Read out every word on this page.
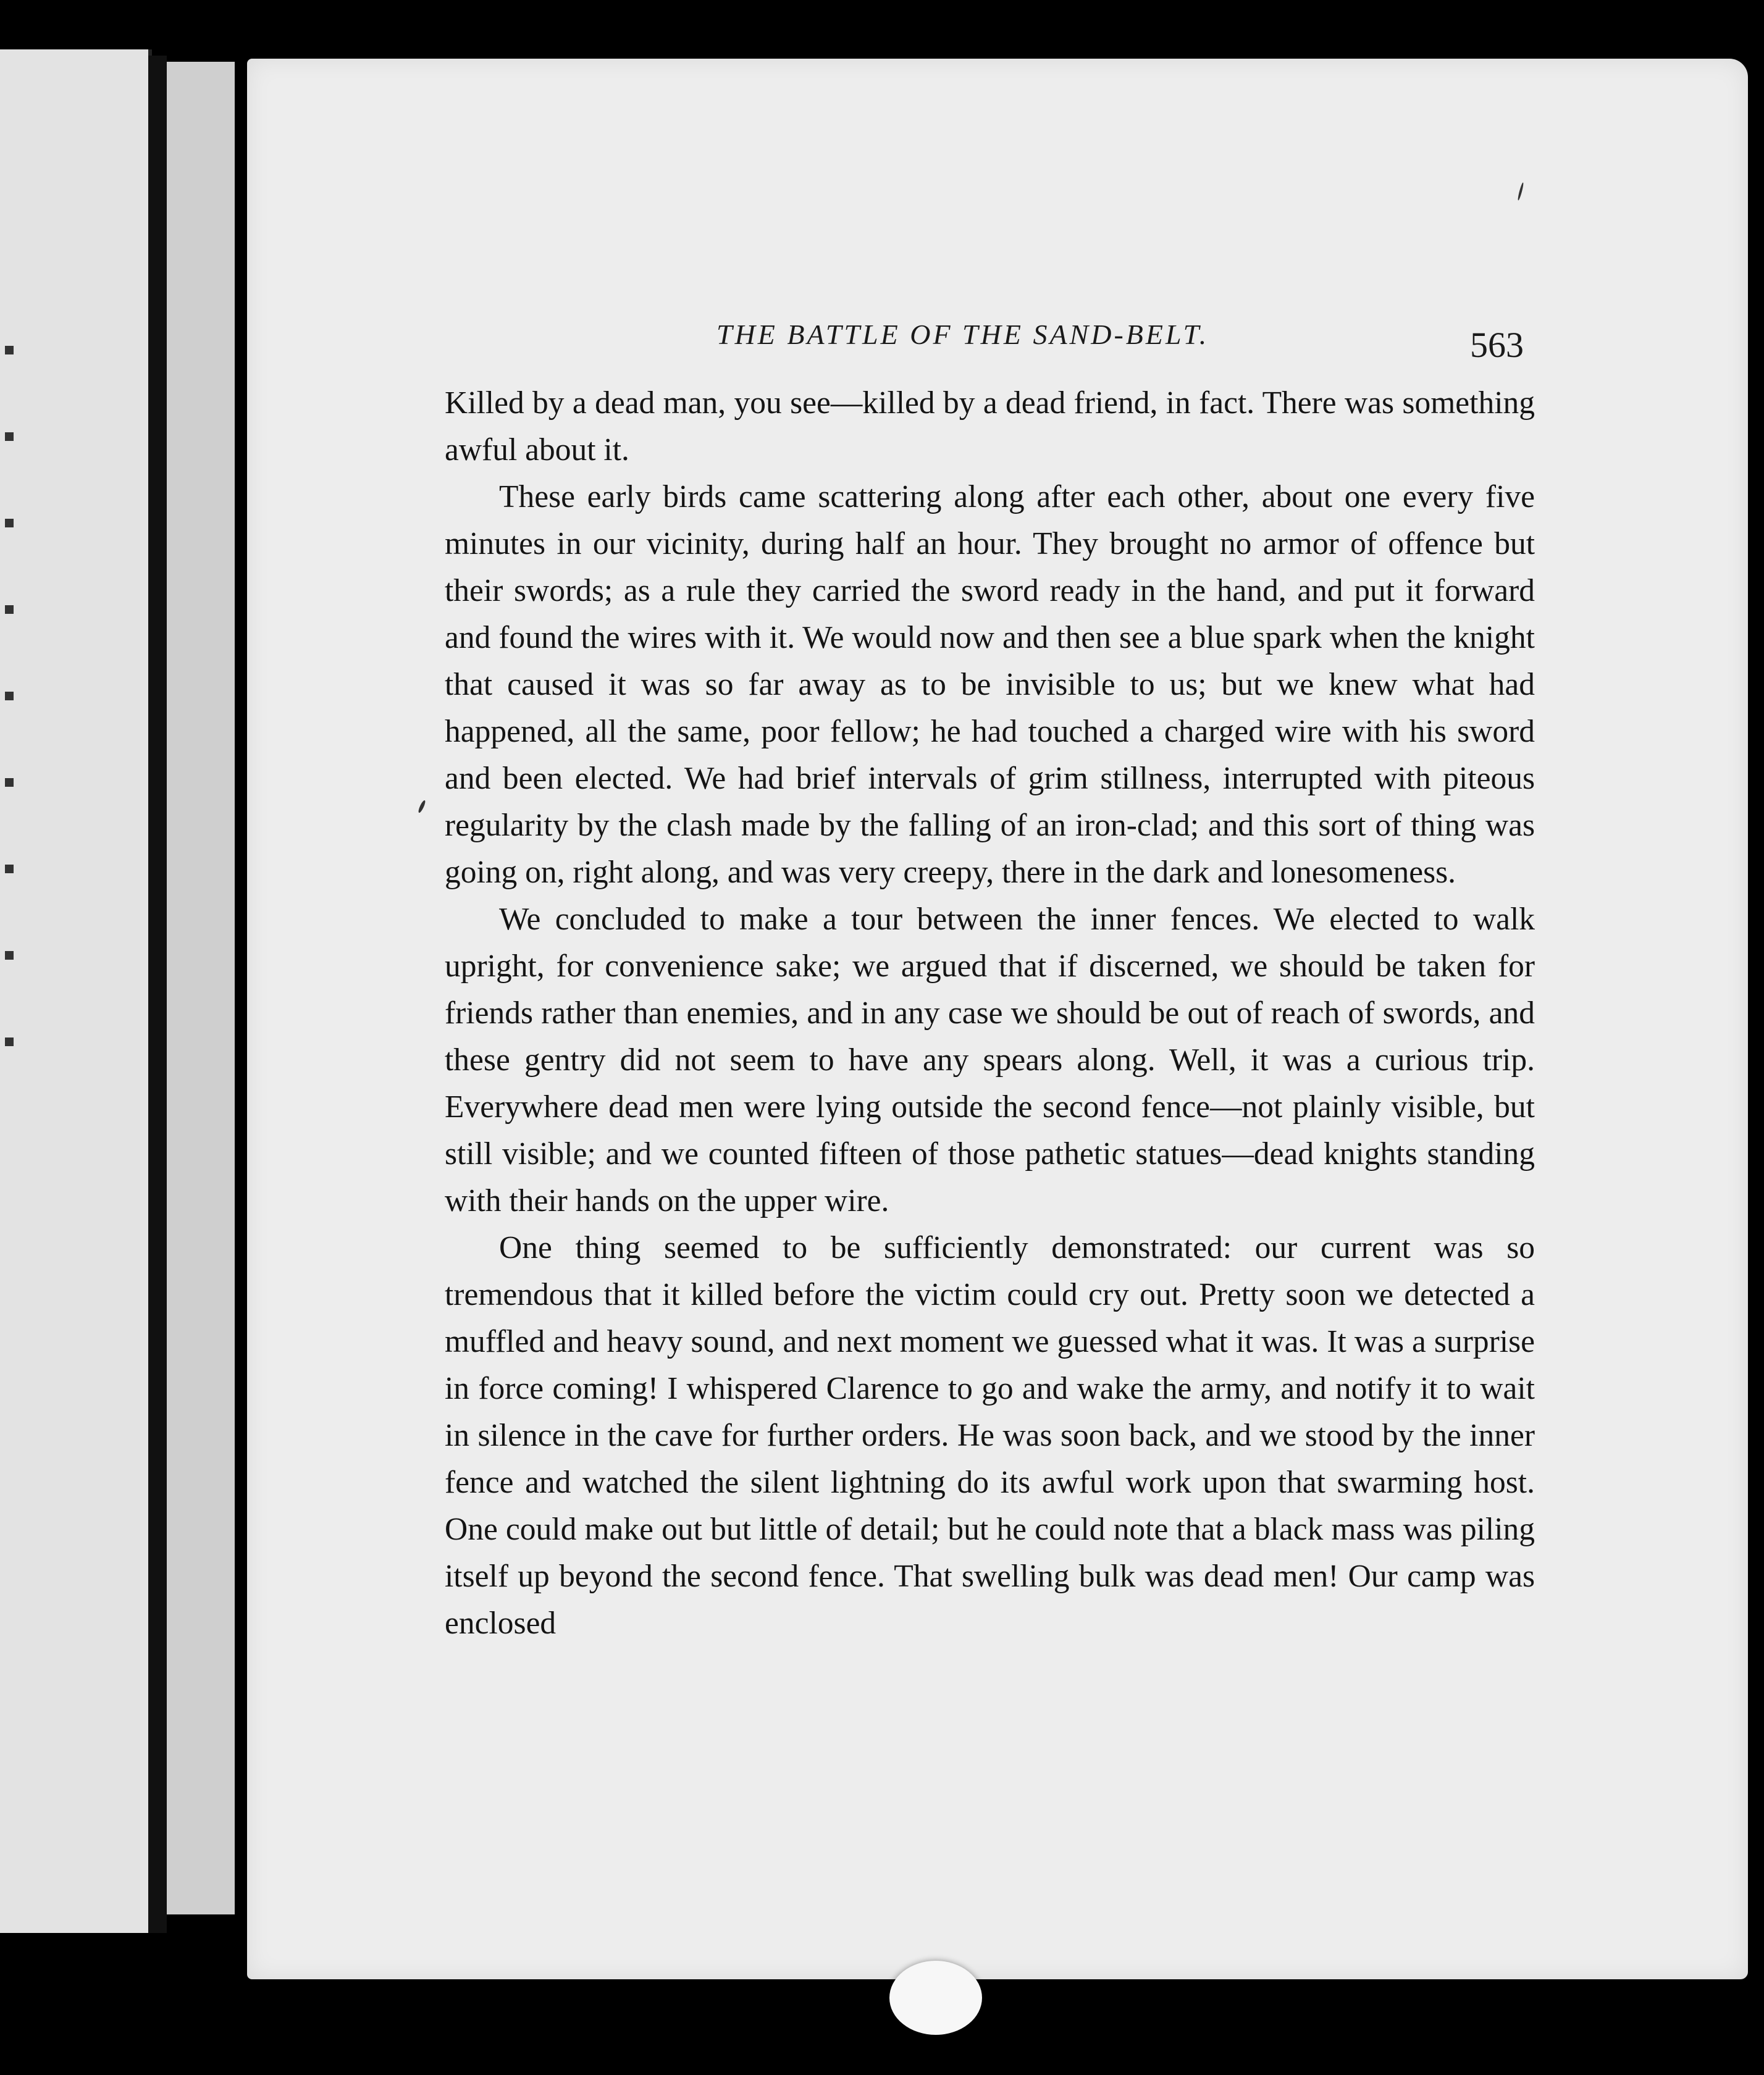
THE BATTLE OF THE SAND-BELT.	563

Killed by a dead man, you see—killed by a dead friend, in fact. There was something awful about it.

These early birds came scattering along after each other, about one every five minutes in our vicinity, during half an hour. They brought no armor of offence but their swords; as a rule they carried the sword ready in the hand, and put it forward and found the wires with it. We would now and then see a blue spark when the knight that caused it was so far away as to be invisible to us; but we knew what had happened, all the same, poor fellow; he had touched a charged wire with his sword and been elected. We had brief intervals of grim stillness, interrupted with piteous regularity by the clash made by the falling of an iron-clad; and this sort of thing was going on, right along, and was very creepy, there in the dark and lonesomeness.

We concluded to make a tour between the inner fences. We elected to walk upright, for convenience sake; we argued that if discerned, we should be taken for friends rather than enemies, and in any case we should be out of reach of swords, and these gentry did not seem to have any spears along. Well, it was a curious trip. Everywhere dead men were lying outside the second fence—not plainly visible, but still visible; and we counted fifteen of those pathetic statues—dead knights standing with their hands on the upper wire.

One thing seemed to be sufficiently demonstrated: our current was so tremendous that it killed before the victim could cry out. Pretty soon we detected a muffled and heavy sound, and next moment we guessed what it was. It was a surprise in force coming! I whispered Clarence to go and wake the army, and notify it to wait in silence in the cave for further orders. He was soon back, and we stood by the inner fence and watched the silent lightning do its awful work upon that swarming host. One could make out but little of detail; but he could note that a black mass was piling itself up beyond the second fence. That swelling bulk was dead men! Our camp was enclosed
